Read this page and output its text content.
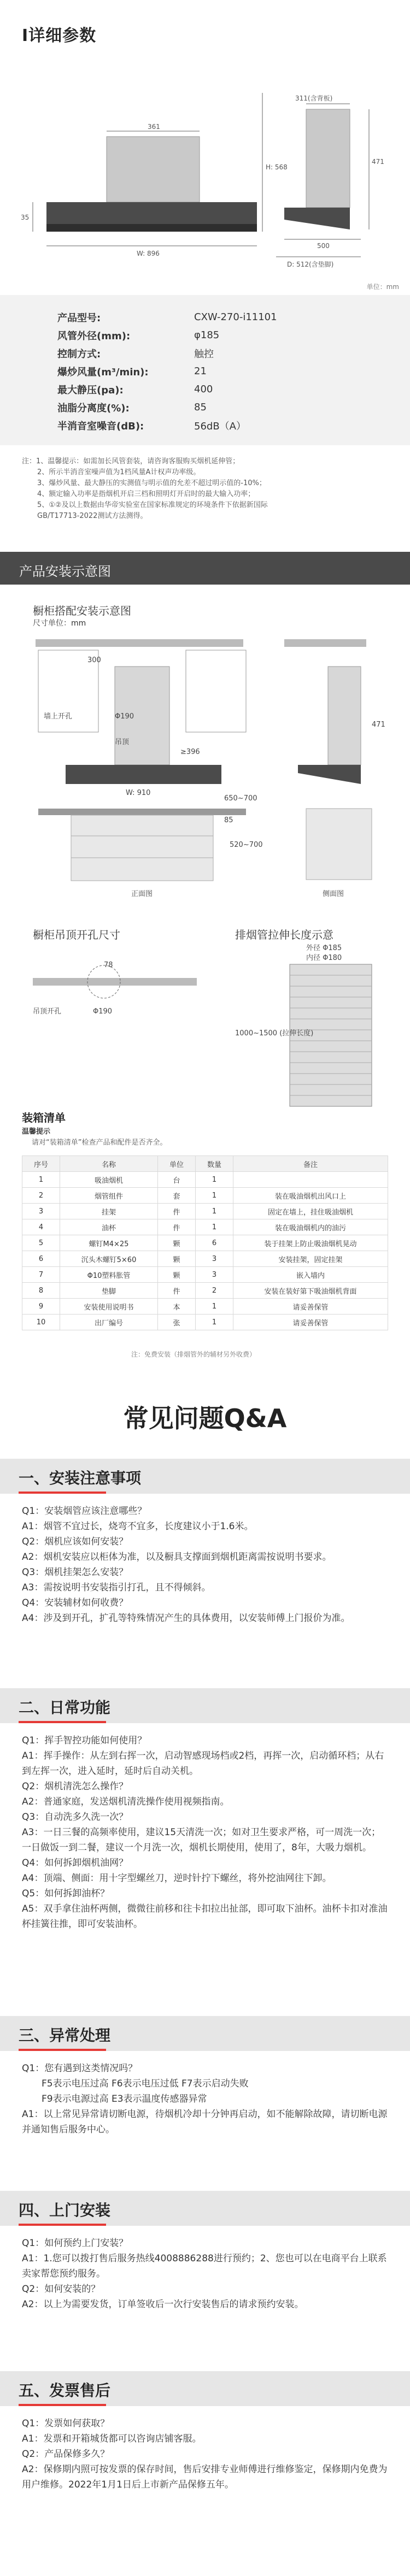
I详细参数
361
W: 896
35
H: 568
311(含背板)
500
D: 512(含垫脚)
471
单位：mm
产品型号:	CXW-270-i11101
风管外径(mm):	φ185
控制方式:	触控
爆炒风量(m³/min):	21
最大静压(pa):	400
油脂分离度(%):	85
半消音室噪音(dB):	56dB（A）

注：1、温馨提示：如需加长风管套装，请咨询客服购买烟机延伸管；

2、所示半消音室噪声值为1档风量A计权声功率级。

3、爆炒风量、最大静压的实测值与明示值的允差不超过明示值的-10%；

4、额定输入功率是指烟机开启三档和照明灯开启时的最大输入功率；

5、①②及以上数据由华帝实验室在国家标准规定的环境条件下依据新国际

GB/T17713-2022测试方法测得。

产品安装示意图
橱柜搭配安装示意图
尺寸单位：mm
300
墙上开孔	Φ190
吊顶
≥396
W: 910
650~700
85
520~700
正面图
471
侧面图
橱柜吊顶开孔尺寸
78
Φ190
吊顶开孔
排烟管拉伸长度示意
外径 Φ185
内径 Φ180
1000~1500 (拉伸长度)
装箱清单
温馨提示
请对“装箱清单”检查产品和配件是否齐全。
序号	名称	单位	数量	备注
1	吸油烟机	台	1	
2	烟管组件	套	1	装在吸油烟机出风口上
3	挂架	件	1	固定在墙上，挂住吸油烟机
4	油杯	件	1	装在吸油烟机内的油污
5	螺钉M4×25	颗	6	装于挂架上防止吸油烟机晃动
6	沉头木螺钉5×60	颗	3	安装挂架，固定挂架
7	Φ10塑料胀管	颗	3	嵌入墙内
8	垫脚	件	2	安装在装好第下吸油烟机背面
9	安装使用说明书	本	1	请妥善保管
10	出厂编号	张	1	请妥善保管
注：免费安装（排烟管外的辅材另外收费）
常见问题Q&A
一、安装注意事项

Q1：安装烟管应该注意哪些？

A1：烟管不宜过长，烧弯不宜多，长度建议小于1.6米。

Q2：烟机应该如何安装？

A2：烟机安装应以柜体为准，以及橱具支撑面到烟机距离需按说明书要求。

Q3：烟机挂架怎么安装？

A3：需按说明书安装指引打孔，且不得倾斜。

Q4：安装辅材如何收费？

A4：涉及到开孔，扩孔等特殊情况产生的具体费用，以安装师傅上门报价为准。

二、日常功能

Q1：挥手智控功能如何使用？

A1：挥手操作：从左到右挥一次，启动智感现场档或2档，再挥一次，启动循环档；从右到左挥一次，进入延时，延时后自动关机。

Q2：烟机清洗怎么操作？

A2：普通家庭，发送烟机清洗操作使用视频指南。

Q3：自动洗多久洗一次？

A3：一日三餐的高频率使用，建议15天清洗一次；如对卫生要求严格，可一周洗一次；一日做饭一到二餐，建议一个月洗一次，烟机长期使用，使用了，8年，大吸力烟机。

Q4：如何拆卸烟机油网？

A4：顶端、侧面：用十字型螺丝刀，逆时针拧下螺丝，将外挖油网往下卸。

Q5：如何拆卸油杯？

A5：双手拿住油杯两侧，微微往前移和往卡扣拉出扯部，即可取下油杯。油杯卡扣对准油杯挂簧往推，即可安装油杯。

三、异常处理

Q1：您有遇到这类情况吗？

F5表示电压过高 F6表示电压过低 F7表示启动失败

F9表示电源过高 E3表示温度传感器异常

A1：以上常见异常请切断电源，待烟机冷却十分钟再启动，如不能解除故障，请切断电源并通知售后服务中心。

四、上门安装

Q1：如何预约上门安装？

A1：1.您可以拨打售后服务热线4008886288进行预约；2、您也可以在电商平台上联系卖家帮您预约服务。

Q2：如何安装的？

A2：以上为需要发货，订单签收后一次行安装售后的请求预约安装。

五、发票售后

Q1：发票如何获取？

A1：发票和开箱城货都可以咨询店铺客服。

Q2：产品保修多久？

A2：保修期内照可按发票的保存时间，售后安排专业师傅进行维修鉴定，保修期内免费为用户维修。2022年1月1日后上市新产品保修五年。
